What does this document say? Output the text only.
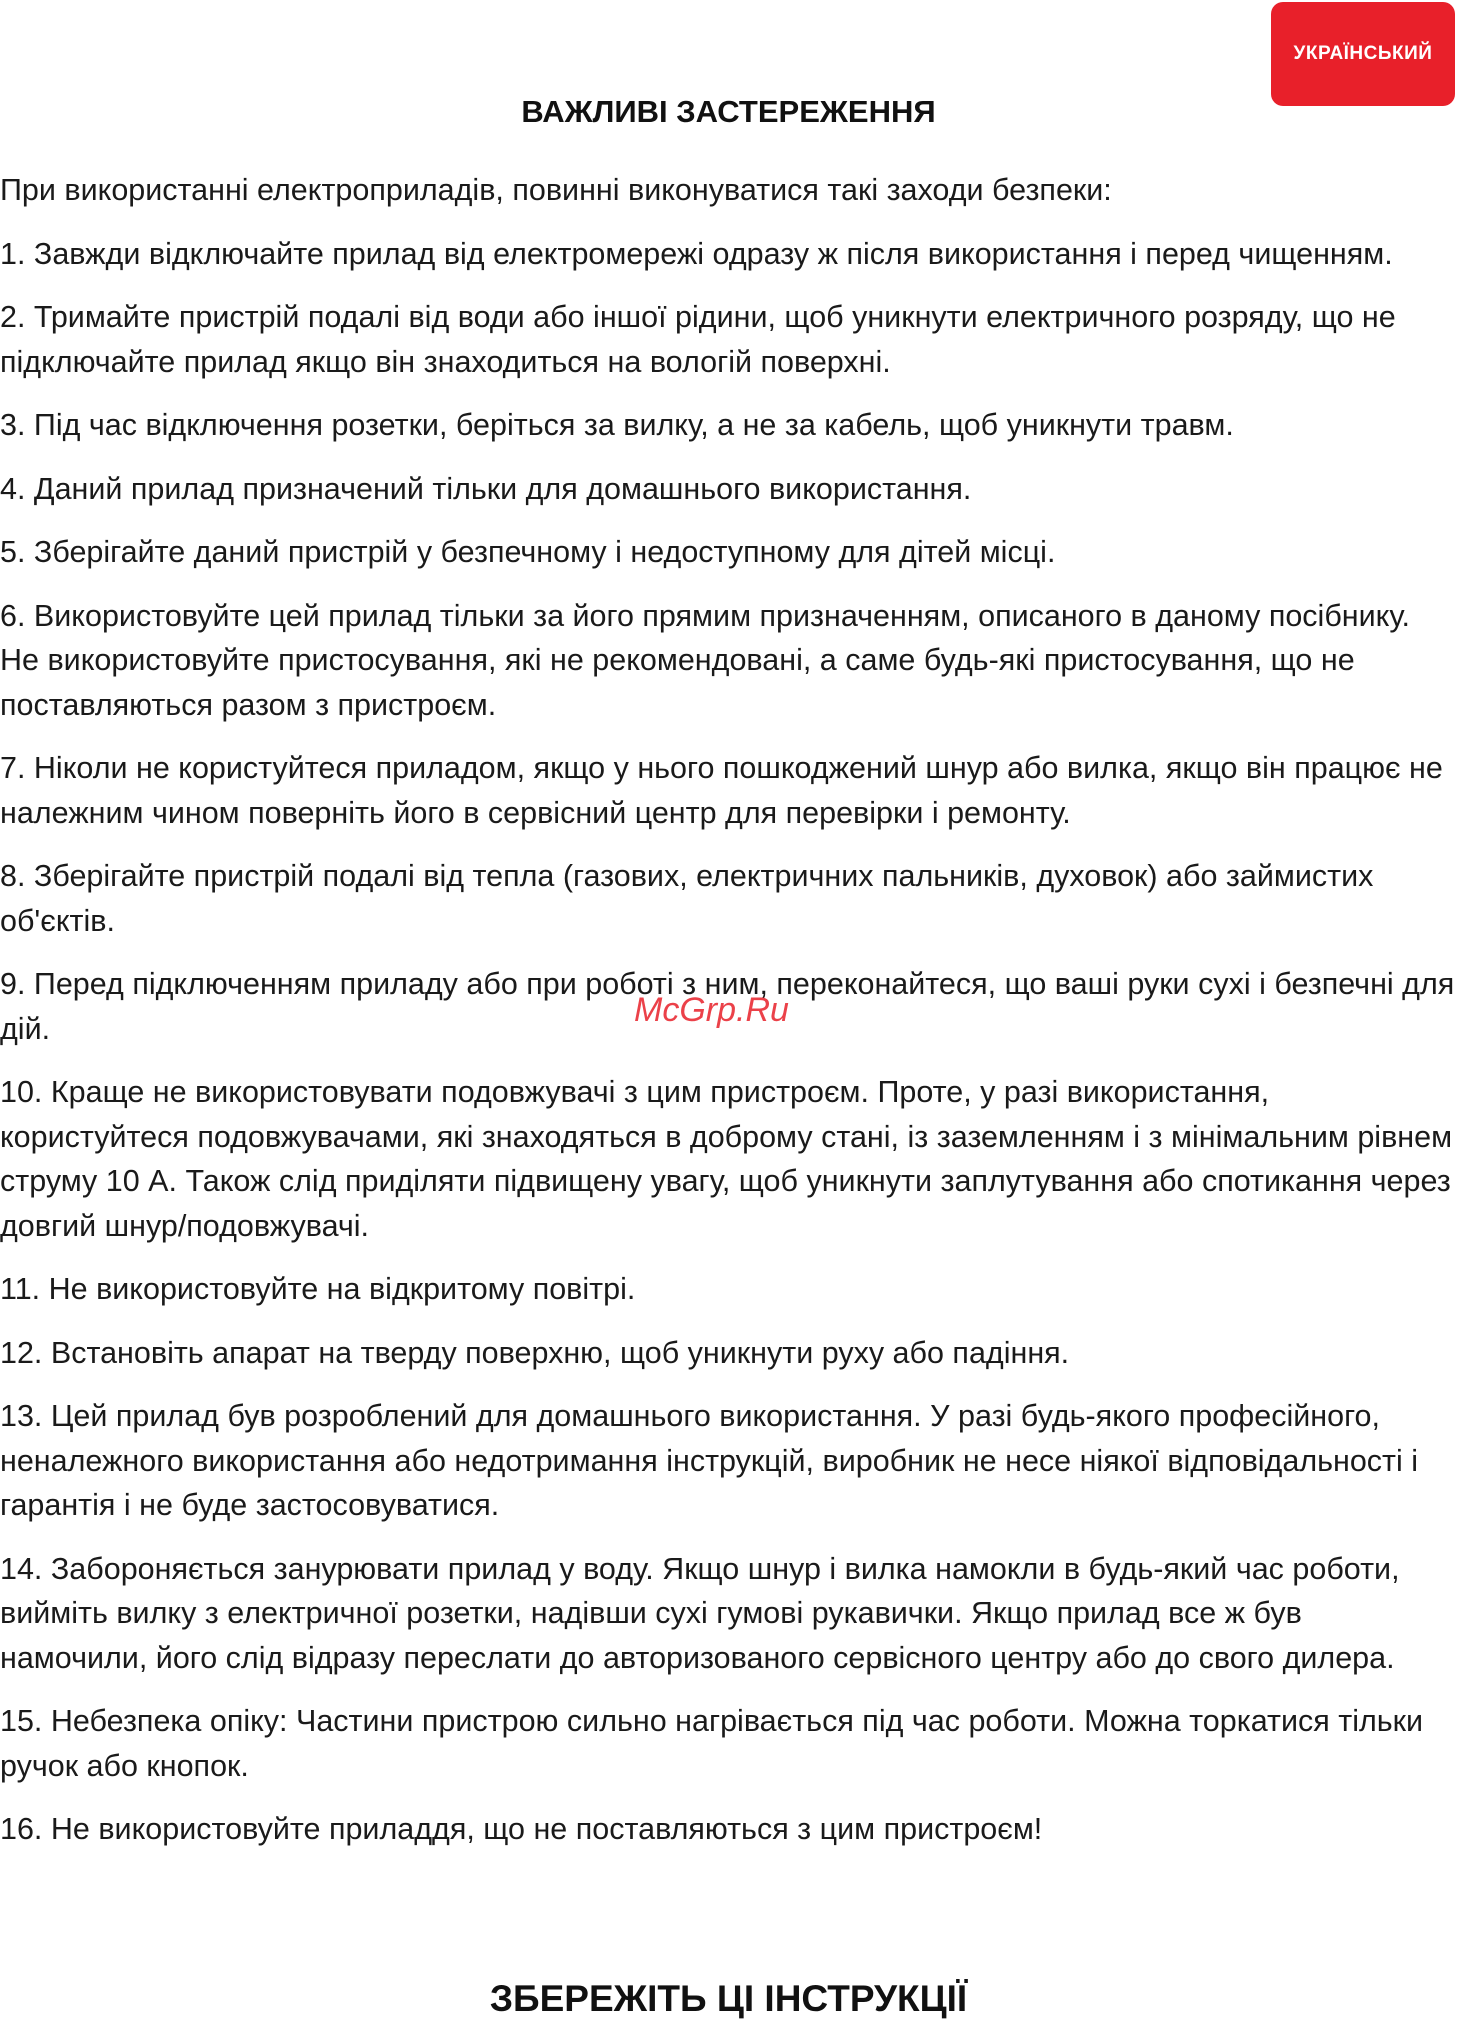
УКРАЇНСЬКИЙ
ВАЖЛИВІ ЗАСТЕРЕЖЕННЯ

При використанні електроприладів, повинні виконуватися такі заходи безпеки:

1. Завжди відключайте прилад від електромережі одразу ж після використання і перед чищенням.

2. Тримайте пристрій подалі від води або іншої рідини, щоб уникнути електричного розряду, що не підключайте прилад якщо він знаходиться на вологій поверхні.

3. Під час відключення розетки, беріться за вилку, а не за кабель, щоб уникнути травм.

4. Даний прилад призначений тільки для домашнього використання.

5. Зберігайте даний пристрій у безпечному і недоступному для дітей місці.

6. Використовуйте цей прилад тільки за його прямим призначенням, описаного в даному посібнику. Не використовуйте пристосування, які не рекомендовані, а саме будь-які пристосування, що не поставляються разом з пристроєм.

7. Ніколи не користуйтеся приладом, якщо у нього пошкоджений шнур або вилка, якщо він працює не належним чином поверніть його в сервісний центр для перевірки і ремонту.

8. Зберігайте пристрій подалі від тепла (газових, електричних пальників, духовок) або займистих об'єктів.

9. Перед підключенням приладу або при роботі з ним, переконайтеся, що ваші руки сухі і безпечні для дій.

10. Краще не використовувати подовжувачі з цим пристроєм. Проте, у разі використання, користуйтеся подовжувачами, які знаходяться в доброму стані, із заземленням і з мінімальним рівнем струму 10 А. Також слід приділяти підвищену увагу, щоб уникнути заплутування або спотикання через довгий шнур/подовжувачі.

11. Не використовуйте на відкритому повітрі.

12. Встановіть апарат на тверду поверхню, щоб уникнути руху або падіння.

13. Цей прилад був розроблений для домашнього використання. У разі будь-якого професійного, неналежного використання або недотримання інструкцій, виробник не несе ніякої відповідальності і гарантія і не буде застосовуватися.

14. Забороняється занурювати прилад у воду. Якщо шнур і вилка намокли в будь-який час роботи, вийміть вилку з електричної розетки, надівши сухі гумові рукавички. Якщо прилад все ж був намочили, його слід відразу переслати до авторизованого сервісного центру або до свого дилера.

15. Небезпека опіку: Частини пристрою сильно нагрівається під час роботи. Можна торкатися тільки ручок або кнопок.

16. Не використовуйте приладдя, що не поставляються з цим пристроєм!

McGrp.Ru
ЗБЕРЕЖІТЬ ЦІ ІНСТРУКЦІЇ
